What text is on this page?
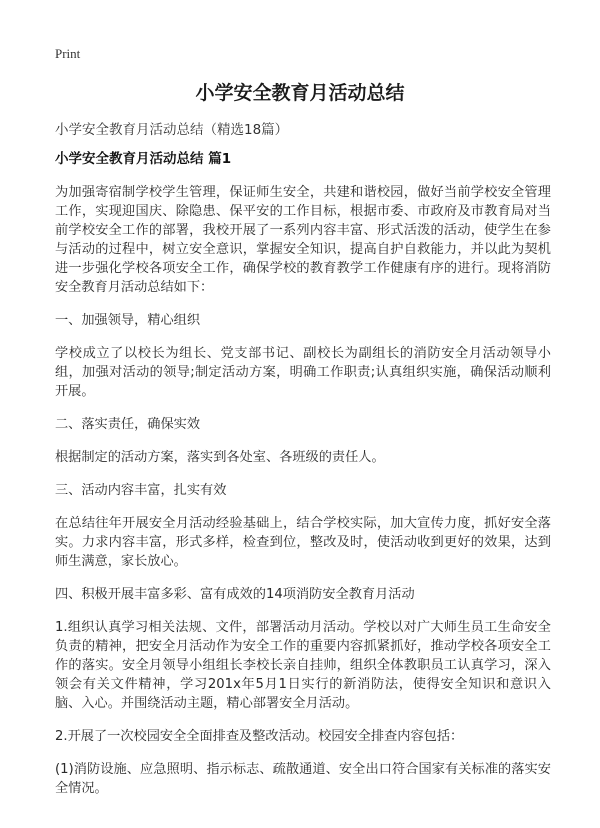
Print
小学安全教育月活动总结

小学安全教育月活动总结（精选18篇）

小学安全教育月活动总结 篇1

为加强寄宿制学校学生管理，保证师生安全，共建和谐校园，做好当前学校安全管理工作，实现迎国庆、除隐患、保平安的工作目标，根据市委、市政府及市教育局对当前学校安全工作的部署，我校开展了一系列内容丰富、形式活泼的活动，使学生在参与活动的过程中，树立安全意识，掌握安全知识，提高自护自救能力，并以此为契机进一步强化学校各项安全工作，确保学校的教育教学工作健康有序的进行。现将消防安全教育月活动总结如下：

一、加强领导，精心组织

学校成立了以校长为组长、党支部书记、副校长为副组长的消防安全月活动领导小组，加强对活动的领导;制定活动方案，明确工作职责;认真组织实施，确保活动顺利开展。

二、落实责任，确保实效

根据制定的活动方案，落实到各处室、各班级的责任人。

三、活动内容丰富，扎实有效

在总结往年开展安全月活动经验基础上，结合学校实际，加大宣传力度，抓好安全落实。力求内容丰富，形式多样，检查到位，整改及时，使活动收到更好的效果，达到师生满意，家长放心。

四、积极开展丰富多彩、富有成效的14项消防安全教育月活动

1.组织认真学习相关法规、文件，部署活动月活动。学校以对广大师生员工生命安全负责的精神，把安全月活动作为安全工作的重要内容抓紧抓好，推动学校各项安全工作的落实。安全月领导小组组长李校长亲自挂帅，组织全体教职员工认真学习，深入领会有关文件精神，学习201x年5月1日实行的新消防法，使得安全知识和意识入脑、入心。并围绕活动主题，精心部署安全月活动。

2.开展了一次校园安全全面排查及整改活动。校园安全排查内容包括：

(1)消防设施、应急照明、指示标志、疏散通道、安全出口符合国家有关标准的落实安全情况。
